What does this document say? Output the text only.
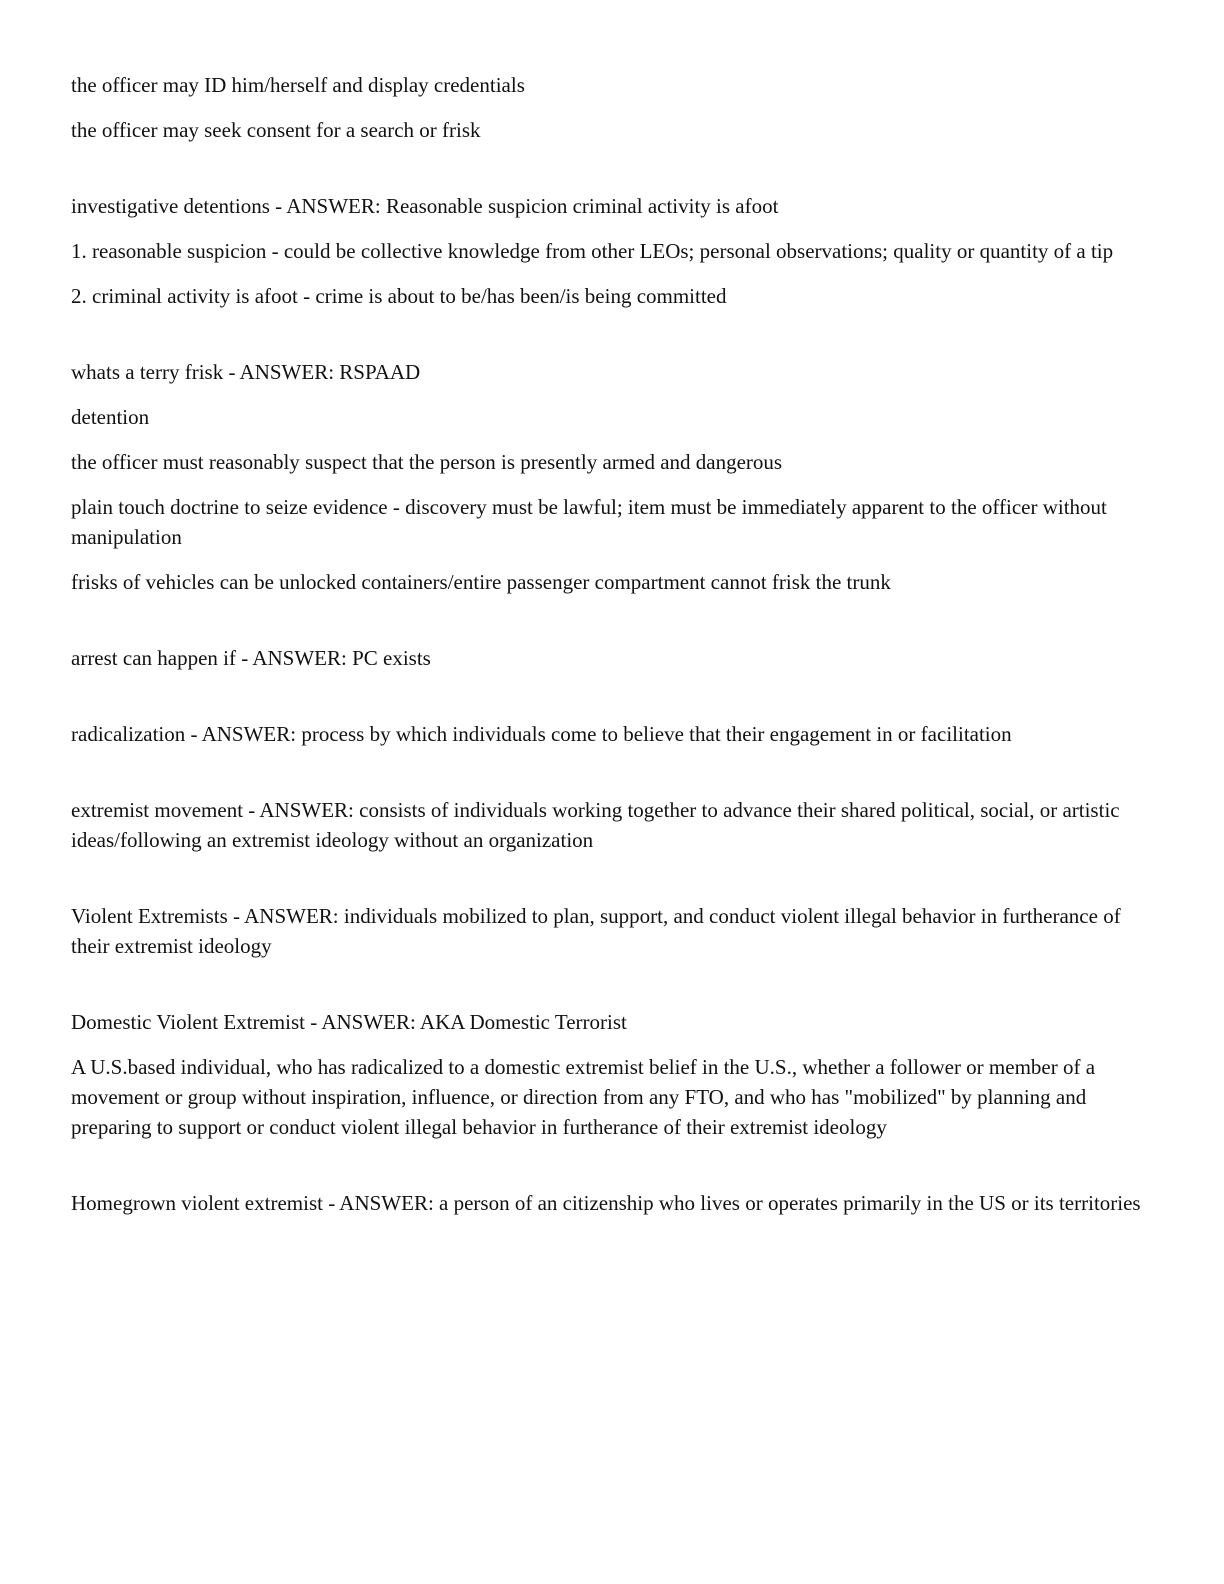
the officer may ID him/herself and display credentials

the officer may seek consent for a search or frisk

investigative detentions - ANSWER: Reasonable suspicion criminal activity is afoot

1. reasonable suspicion - could be collective knowledge from other LEOs; personal observations; quality or quantity of a tip

2. criminal activity is afoot - crime is about to be/has been/is being committed

whats a terry frisk - ANSWER: RSPAAD

detention

the officer must reasonably suspect that the person is presently armed and dangerous

plain touch doctrine to seize evidence - discovery must be lawful; item must be immediately apparent to the officer without manipulation

frisks of vehicles can be unlocked containers/entire passenger compartment cannot frisk the trunk

arrest can happen if - ANSWER: PC exists

radicalization - ANSWER: process by which individuals come to believe that their engagement in or facilitation

extremist movement - ANSWER: consists of individuals working together to advance their shared political, social, or artistic ideas/following an extremist ideology without an organization

Violent Extremists - ANSWER: individuals mobilized to plan, support, and conduct violent illegal behavior in furtherance of their extremist ideology

Domestic Violent Extremist - ANSWER: AKA Domestic Terrorist

A U.S.based individual, who has radicalized to a domestic extremist belief in the U.S., whether a follower or member of a movement or group without inspiration, influence, or direction from any FTO, and who has "mobilized" by planning and preparing to support or conduct violent illegal behavior in furtherance of their extremist ideology

Homegrown violent extremist - ANSWER: a person of an citizenship who lives or operates primarily in the US or its territories
